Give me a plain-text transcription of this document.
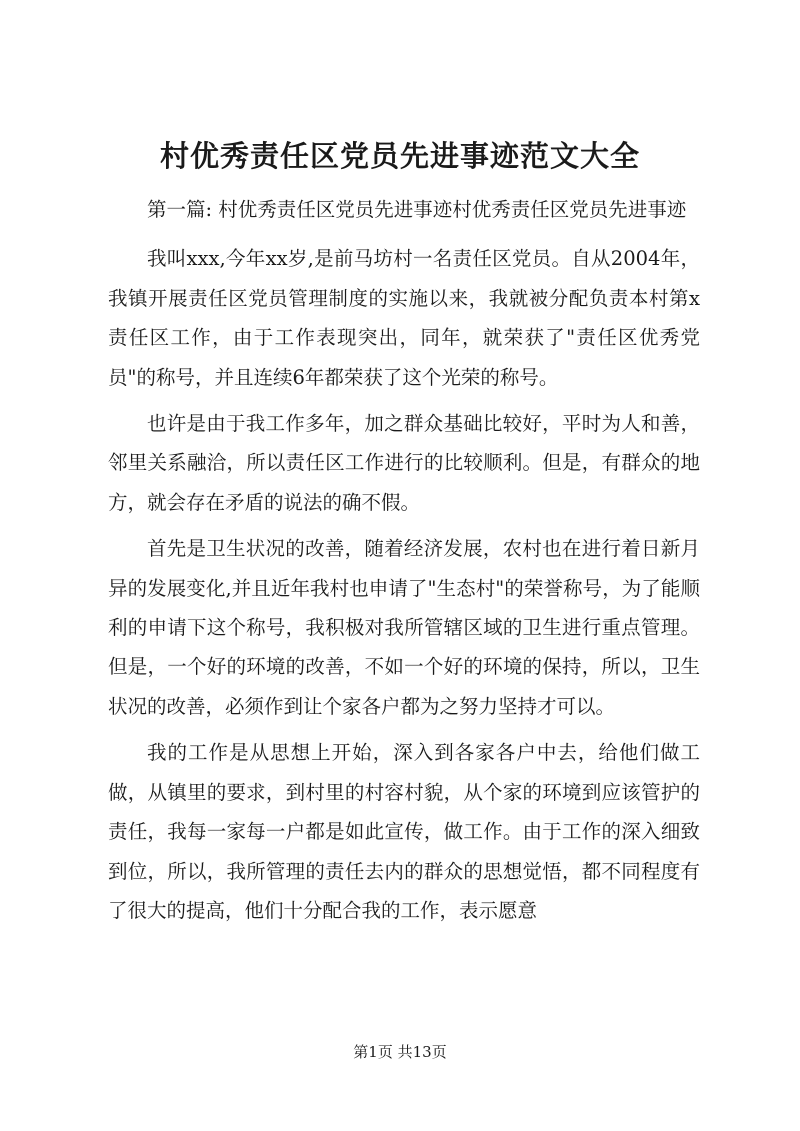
村优秀责任区党员先进事迹范文大全

第一篇: 村优秀责任区党员先进事迹村优秀责任区党员先进事迹

我叫xxx,今年xx岁,是前马坊村一名责任区党员。自从2004年，我镇开展责任区党员管理制度的实施以来，我就被分配负责本村第x责任区工作，由于工作表现突出，同年，就荣获了"责任区优秀党员"的称号，并且连续6年都荣获了这个光荣的称号。

也许是由于我工作多年，加之群众基础比较好，平时为人和善，邻里关系融洽，所以责任区工作进行的比较顺利。但是，有群众的地方，就会存在矛盾的说法的确不假。

首先是卫生状况的改善，随着经济发展，农村也在进行着日新月异的发展变化,并且近年我村也申请了"生态村"的荣誉称号，为了能顺利的申请下这个称号，我积极对我所管辖区域的卫生进行重点管理。但是，一个好的环境的改善，不如一个好的环境的保持，所以，卫生状况的改善，必须作到让个家各户都为之努力坚持才可以。

我的工作是从思想上开始，深入到各家各户中去，给他们做工做，从镇里的要求，到村里的村容村貌，从个家的环境到应该管护的责任，我每一家每一户都是如此宣传，做工作。由于工作的深入细致到位，所以，我所管理的责任去内的群众的思想觉悟，都不同程度有了很大的提高，他们十分配合我的工作，表示愿意

第1页 共13页
